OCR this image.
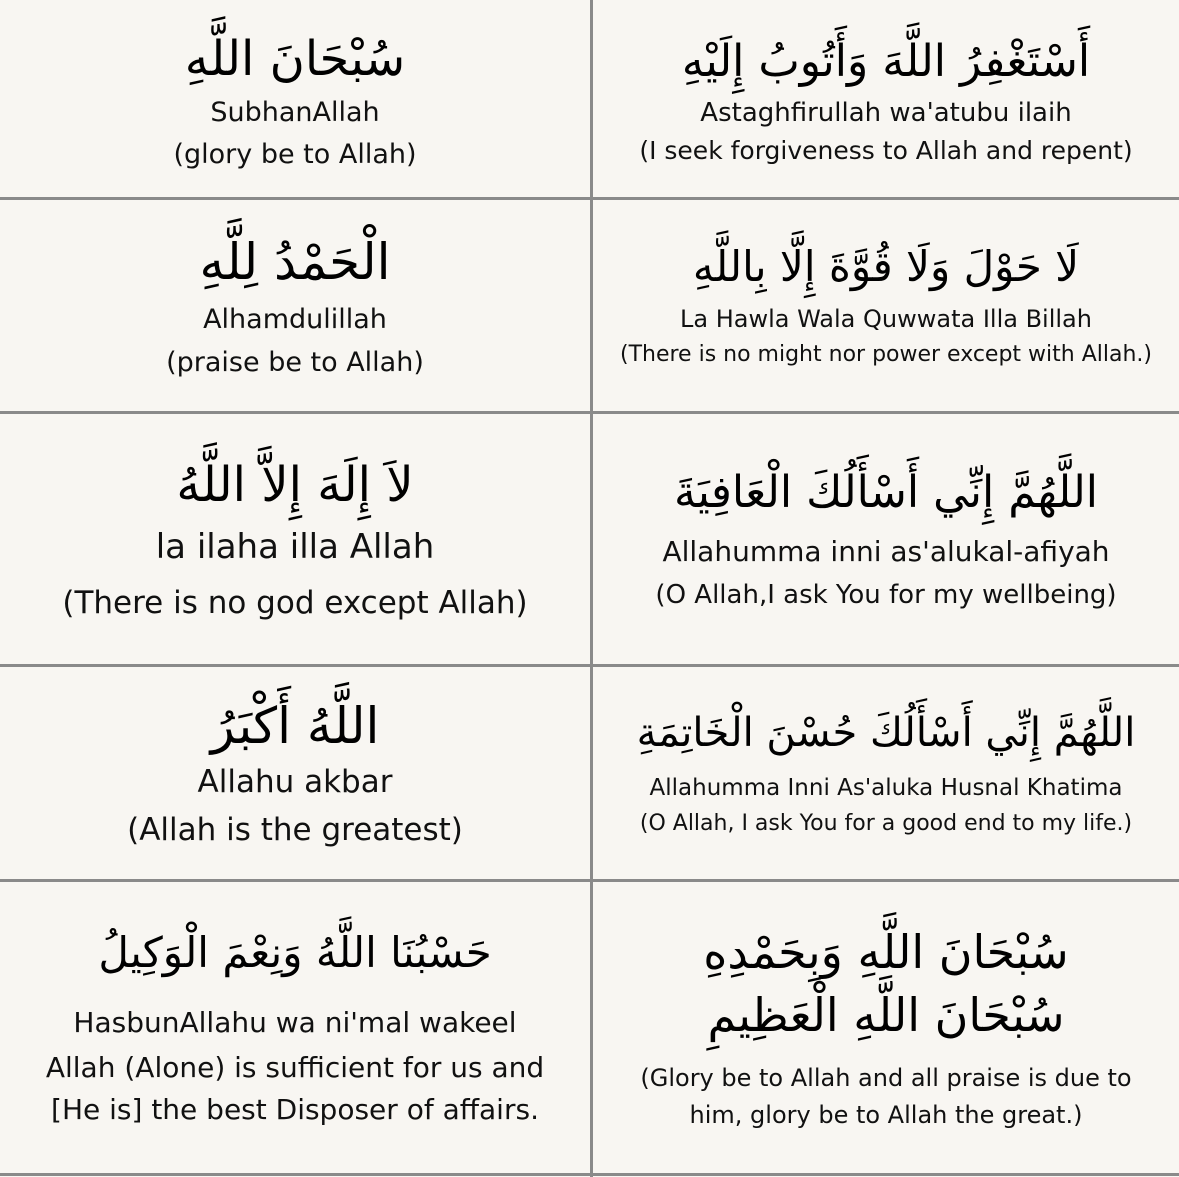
سُبْحَانَ اللَّهِ
SubhanAllah
(glory be to Allah)
أَسْتَغْفِرُ اللَّهَ وَأَتُوبُ إِلَيْهِ
Astaghfirullah wa'atubu ilaih
(I seek forgiveness to Allah and repent)
الْحَمْدُ لِلَّهِ
Alhamdulillah
(praise be to Allah)
لَا حَوْلَ وَلَا قُوَّةَ إِلَّا بِاللَّهِ
La Hawla Wala Quwwata Illa Billah
(There is no might nor power except with Allah.)
لاَ إِلَهَ إِلاَّ اللَّهُ
la ilaha illa Allah
(There is no god except Allah)
اللَّهُمَّ إِنِّي أَسْأَلُكَ الْعَافِيَةَ
Allahumma inni as'alukal-afiyah
(O Allah,I ask You for my wellbeing)
اللَّهُ أَكْبَرُ
Allahu akbar
(Allah is the greatest)
اللَّهُمَّ إِنِّي أَسْأَلُكَ حُسْنَ الْخَاتِمَةِ
Allahumma Inni As'aluka Husnal Khatima
(O Allah, I ask You for a good end to my life.)
حَسْبُنَا اللَّهُ وَنِعْمَ الْوَكِيلُ
HasbunAllahu wa ni'mal wakeel
Allah (Alone) is sufficient for us and
[He is] the best Disposer of affairs.
سُبْحَانَ اللَّهِ وَبِحَمْدِهِ
سُبْحَانَ اللَّهِ الْعَظِيمِ
(Glory be to Allah and all praise is due to
him, glory be to Allah the great.)
